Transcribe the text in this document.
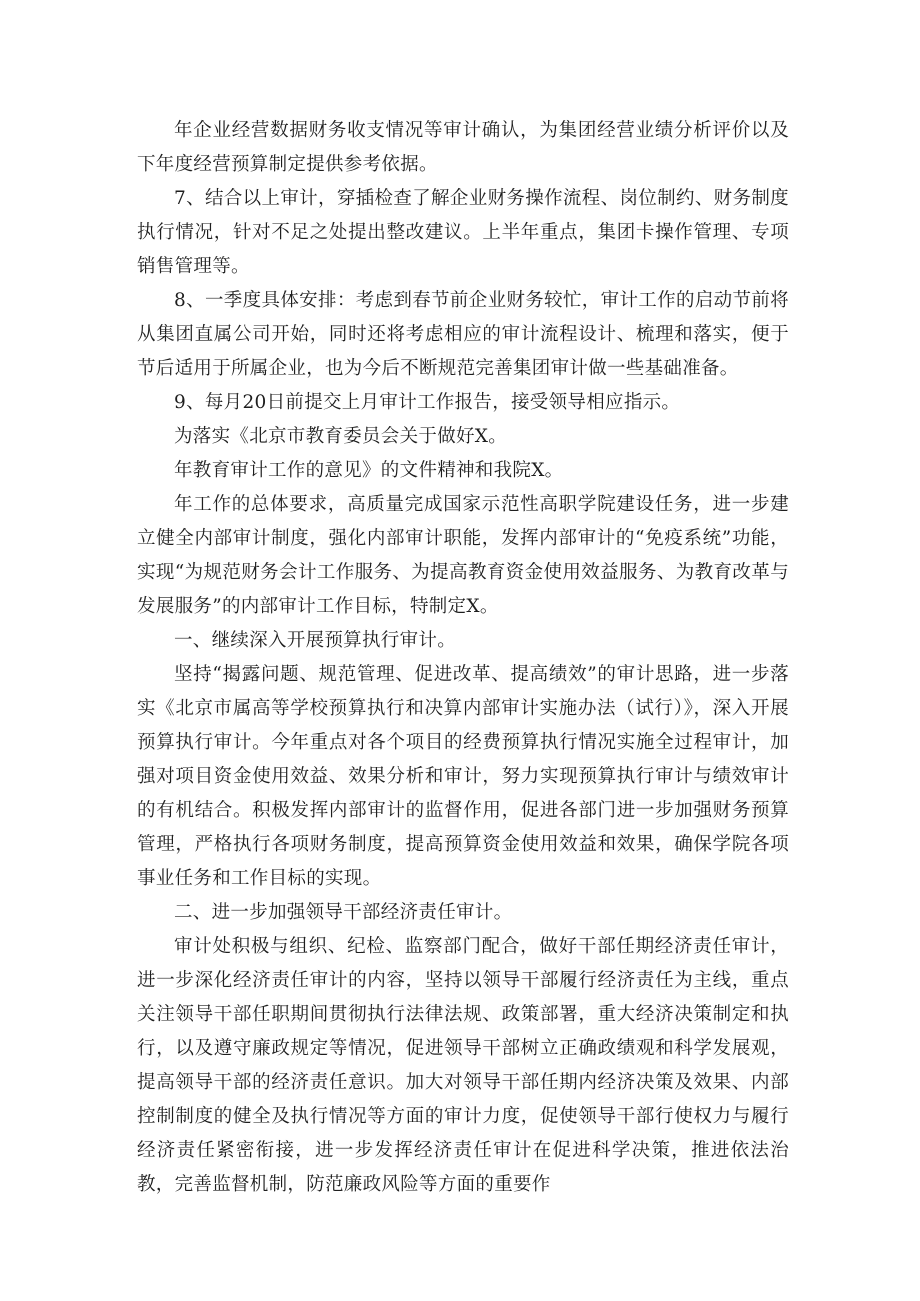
年企业经营数据财务收支情况等审计确认，为集团经营业绩分析评价以及下年度经营预算制定提供参考依据。

7、结合以上审计，穿插检查了解企业财务操作流程、岗位制约、财务制度执行情况，针对不足之处提出整改建议。上半年重点，集团卡操作管理、专项销售管理等。

8、一季度具体安排：考虑到春节前企业财务较忙，审计工作的启动节前将从集团直属公司开始，同时还将考虑相应的审计流程设计、梳理和落实，便于节后适用于所属企业，也为今后不断规范完善集团审计做一些基础准备。

9、每月20日前提交上月审计工作报告，接受领导相应指示。

为落实《北京市教育委员会关于做好X。

年教育审计工作的意见》的文件精神和我院X。

年工作的总体要求，高质量完成国家示范性高职学院建设任务，进一步建立健全内部审计制度，强化内部审计职能，发挥内部审计的“免疫系统”功能，实现“为规范财务会计工作服务、为提高教育资金使用效益服务、为教育改革与发展服务”的内部审计工作目标，特制定X。

一、继续深入开展预算执行审计。

坚持“揭露问题、规范管理、促进改革、提高绩效”的审计思路，进一步落实《北京市属高等学校预算执行和决算内部审计实施办法（试行）》，深入开展预算执行审计。今年重点对各个项目的经费预算执行情况实施全过程审计，加强对项目资金使用效益、效果分析和审计，努力实现预算执行审计与绩效审计的有机结合。积极发挥内部审计的监督作用，促进各部门进一步加强财务预算管理，严格执行各项财务制度，提高预算资金使用效益和效果，确保学院各项事业任务和工作目标的实现。

二、进一步加强领导干部经济责任审计。

审计处积极与组织、纪检、监察部门配合，做好干部任期经济责任审计，进一步深化经济责任审计的内容，坚持以领导干部履行经济责任为主线，重点关注领导干部任职期间贯彻执行法律法规、政策部署，重大经济决策制定和执行，以及遵守廉政规定等情况，促进领导干部树立正确政绩观和科学发展观，提高领导干部的经济责任意识。加大对领导干部任期内经济决策及效果、内部控制制度的健全及执行情况等方面的审计力度，促使领导干部行使权力与履行经济责任紧密衔接，进一步发挥经济责任审计在促进科学决策，推进依法治教，完善监督机制，防范廉政风险等方面的重要作
